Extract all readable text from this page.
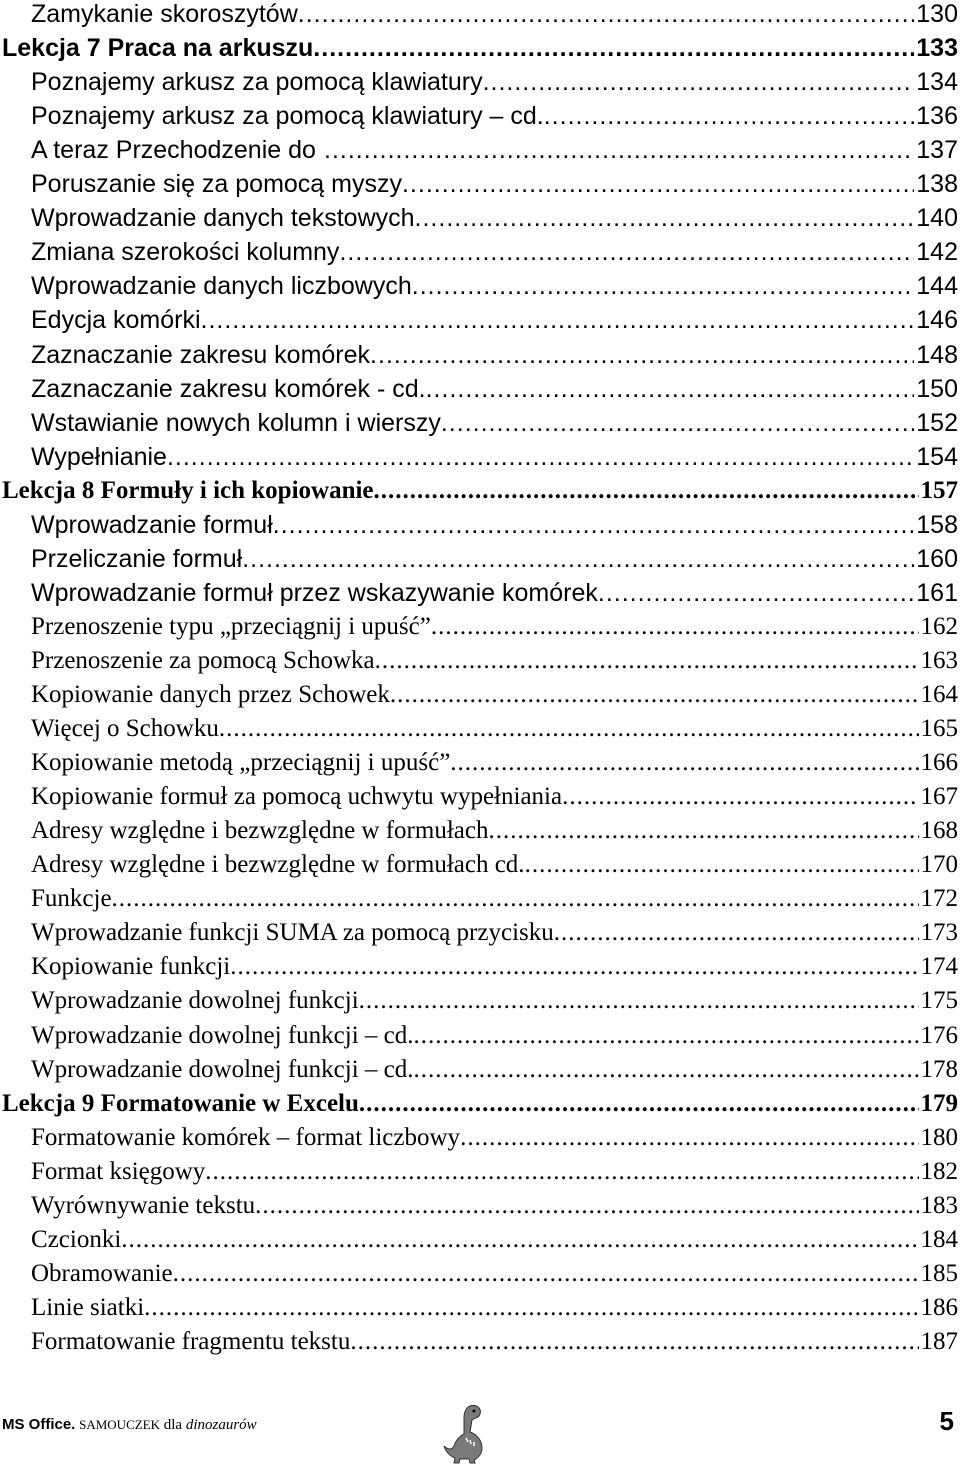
Zamykanie skoroszytów .....	130
Lekcja 7 Praca na arkuszu .....	133
Poznajemy arkusz za pomocą klawiatury .....	134
Poznajemy arkusz za pomocą klawiatury – cd. .....	136
A teraz Przechodzenie do … .....	137
Poruszanie się za pomocą myszy .....	138
Wprowadzanie danych tekstowych .....	140
Zmiana szerokości kolumny .....	142
Wprowadzanie danych liczbowych .....	144
Edycja komórki .....	146
Zaznaczanie zakresu komórek .....	148
Zaznaczanie zakresu komórek - cd. .....	150
Wstawianie nowych kolumn i wierszy .....	152
Wypełnianie .....	154
Lekcja 8 Formuły i ich kopiowanie .....	157
Wprowadzanie formuł .....	158
Przeliczanie formuł .....	160
Wprowadzanie formuł przez wskazywanie komórek .....	161
Przenoszenie typu „przeciągnij i upuść” .....	162
Przenoszenie za pomocą Schowka .....	163
Kopiowanie danych przez Schowek .....	164
Więcej o Schowku .....	165
Kopiowanie metodą „przeciągnij i upuść” .....	166
Kopiowanie formuł za pomocą uchwytu wypełniania .....	167
Adresy względne i bezwzględne w formułach .....	168
Adresy względne i bezwzględne w formułach cd. .....	170
Funkcje .....	172
Wprowadzanie funkcji SUMA za pomocą przycisku .....	173
Kopiowanie funkcji .....	174
Wprowadzanie dowolnej funkcji .....	175
Wprowadzanie dowolnej funkcji – cd. .....	176
Wprowadzanie dowolnej funkcji – cd. .....	178
Lekcja 9 Formatowanie w Excelu .....	179
Formatowanie komórek – format liczbowy .....	180
Format księgowy .....	182
Wyrównywanie tekstu .....	183
Czcionki .....	184
Obramowanie .....	185
Linie siatki .....	186
Formatowanie fragmentu tekstu .....	187
MS Office. SAMOUCZEK dla dinozaurów	5
